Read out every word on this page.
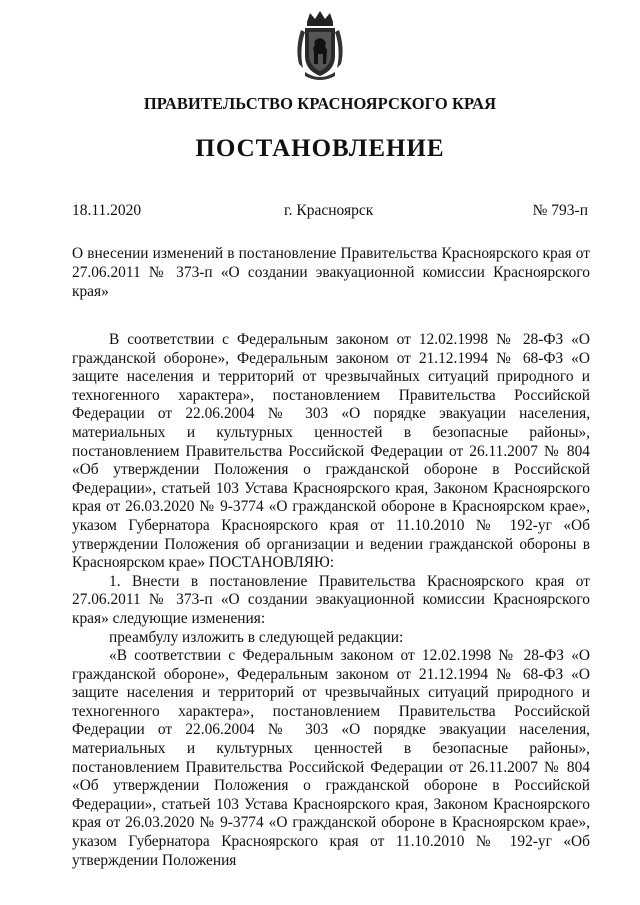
ПРАВИТЕЛЬСТВО КРАСНОЯРСКОГО КРАЯ
ПОСТАНОВЛЕНИЕ
18.11.2020	г. Красноярск	№ 793-п
О внесении изменений в постановление Правительства Красноярского края от 27.06.2011 № 373-п «О создании эвакуационной комиссии Красноярского края»

В соответствии с Федеральным законом от 12.02.1998 № 28-ФЗ «О гражданской обороне», Федеральным законом от 21.12.1994 № 68-ФЗ «О защите населения и территорий от чрезвычайных ситуаций природного и техногенного характера», постановлением Правительства Российской Федерации от 22.06.2004 № 303 «О порядке эвакуации населения, материальных и культурных ценностей в безопасные районы», постановлением Правительства Российской Федерации от 26.11.2007 № 804 «Об утверждении Положения о гражданской обороне в Российской Федерации», статьей 103 Устава Красноярского края, Законом Красноярского края от 26.03.2020 № 9-3774 «О гражданской обороне в Красноярском крае», указом Губернатора Красноярского края от 11.10.2010 № 192-уг «Об утверждении Положения об организации и ведении гражданской обороны в Красноярском крае» ПОСТАНОВЛЯЮ:

1. Внести в постановление Правительства Красноярского края от 27.06.2011 № 373-п «О создании эвакуационной комиссии Красноярского края» следующие изменения:

преамбулу изложить в следующей редакции:

«В соответствии с Федеральным законом от 12.02.1998 № 28-ФЗ «О гражданской обороне», Федеральным законом от 21.12.1994 № 68-ФЗ «О защите населения и территорий от чрезвычайных ситуаций природного и техногенного характера», постановлением Правительства Российской Федерации от 22.06.2004 № 303 «О порядке эвакуации населения, материальных и культурных ценностей в безопасные районы», постановлением Правительства Российской Федерации от 26.11.2007 № 804 «Об утверждении Положения о гражданской обороне в Российской Федерации», статьей 103 Устава Красноярского края, Законом Красноярского края от 26.03.2020 № 9-3774 «О гражданской обороне в Красноярском крае», указом Губернатора Красноярского края от 11.10.2010 № 192-уг «Об утверждении Положения
